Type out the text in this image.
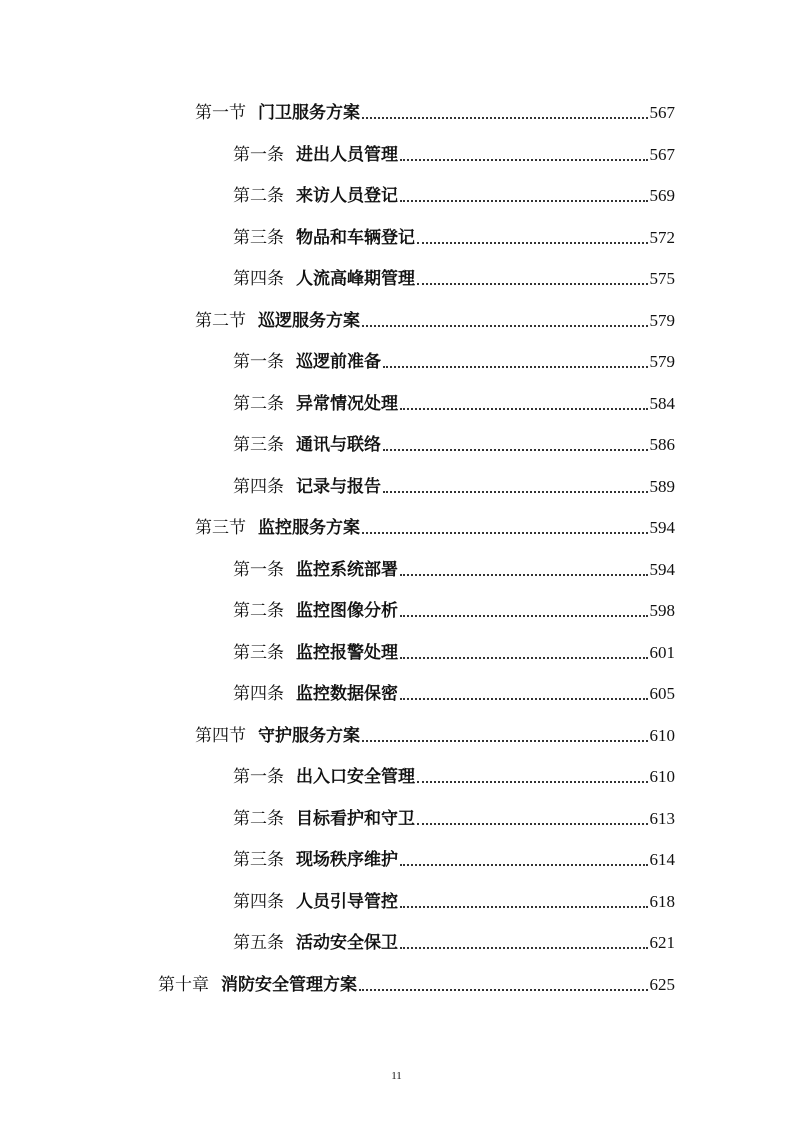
第一节 门卫服务方案	567
第一条 进出人员管理	567
第二条 来访人员登记	569
第三条 物品和车辆登记	572
第四条 人流高峰期管理	575
第二节 巡逻服务方案	579
第一条 巡逻前准备	579
第二条 异常情况处理	584
第三条 通讯与联络	586
第四条 记录与报告	589
第三节 监控服务方案	594
第一条 监控系统部署	594
第二条 监控图像分析	598
第三条 监控报警处理	601
第四条 监控数据保密	605
第四节 守护服务方案	610
第一条 出入口安全管理	610
第二条 目标看护和守卫	613
第三条 现场秩序维护	614
第四条 人员引导管控	618
第五条 活动安全保卫	621
第十章 消防安全管理方案	625
11
